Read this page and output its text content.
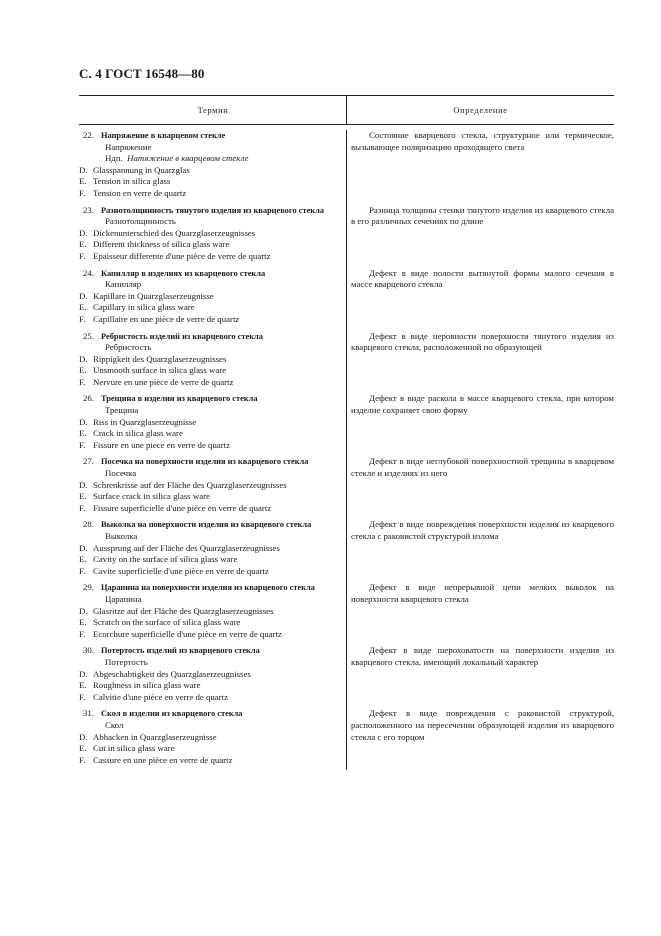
С. 4 ГОСТ 16548—80
Термин	Определение
22. Напряжение в кварцевом стекле
Напряжение
Ндп. Натяжение в кварцевом стекле
D. Glasspannung in Quarzglas
E. Tension in silica glass
F. Tension en verre de quartz
Состояние кварцевого стекла, структурное или термическое, вызывающее поляризацию проходящего света
23. Разнотолщинность тянутого изделия из кварцевого стекла
Разнотолщинность
D. Dickenunterschied des Quarzglaserzeugnisses
E. Different thickness of silica glass ware
F. Epaisseur differente d'une pièce de verre de quartz
Разница толщины стенки тянутого изделия из кварцевого стекла в его различных сечениях по длине
24. Капилляр в изделиях из кварцевого стекла
Капилляр
D. Kapillare in Quarzglaserzeugnisse
E. Capillary in silica glass ware
F. Capillaire en une pièce de verre de quartz
Дефект в виде полости вытянутой формы малого сечения в массе кварцевого стекла
25. Ребристость изделий из кварцевого стекла
Ребристость
D. Rippigkeit des Quarzglaserzeugnisses
E. Unsmooth surface in silica glass ware
F. Nervure en une pièce de verre de quartz
Дефект в виде неровности поверхности тянутого изделия из кварцевого стекла, расположенной по образующей
26. Трещина в изделии из кварцевого стекла
Трещина
D. Riss in Quarzglaserzeugnisse
E. Crack in silica glass ware
F. Fissure en une piece en verre de quartz
Дефект в виде раскола в массе кварцевого стекла, при котором изделие сохраняет свою форму
27. Посечка на поверхности изделия из кварцевого стекла
Посечка
D. Schrenkrisse auf der Fläche des Quarzglaserzeugnisses
E. Surface crack in silica glass ware
F. Fissure superficielle d'une pièce en verre de quartz
Дефект в виде неглубокой поверхностной трещины в кварцевом стекле и изделиях из него
28. Выколка на поверхности изделия из кварцевого стекла
Выколка
D. Aussprung auf der Fläche des Quarzglaserzeugnisses
E. Cavity on the surface of silica glass ware
F. Cavite superficielle d'une pièce en verre de quartz
Дефект в виде повреждения поверхности изделия из кварцевого стекла с раковистой структурой излома
29. Царапина на поверхности изделия из кварцевого стекла
Царапина
D. Glasritze auf der Fläche des Quarzglaserzeugnisses
E. Scratch on the surface of silica glass ware
F. Ecorchure superficielle d'une pièce en verre de quartz
Дефект в виде непрерывной цепи мелких выколок на поверхности кварцевого стекла
30. Потертость изделий из кварцевого стекла
Потертость
D. Abgeschabtigkeit des Quarzglaserzeugnisses
E. Roughness in silica glass ware
F. Calvitie d'une pièce en verre de quartz
Дефект в виде шероховатости на поверхности изделия из кварцевого стекла, имеющий локальный характер
31. Скол в изделии из кварцевого стекла
Скол
D. Abhacken in Quarzglaserzeugnisse
E. Cut in silica glass ware
F. Cassure en une pièce en verre de quartz
Дефект в виде повреждения с раковистой структурой, расположенного на пересечении образующей изделия из кварцевого стекла с его торцом
